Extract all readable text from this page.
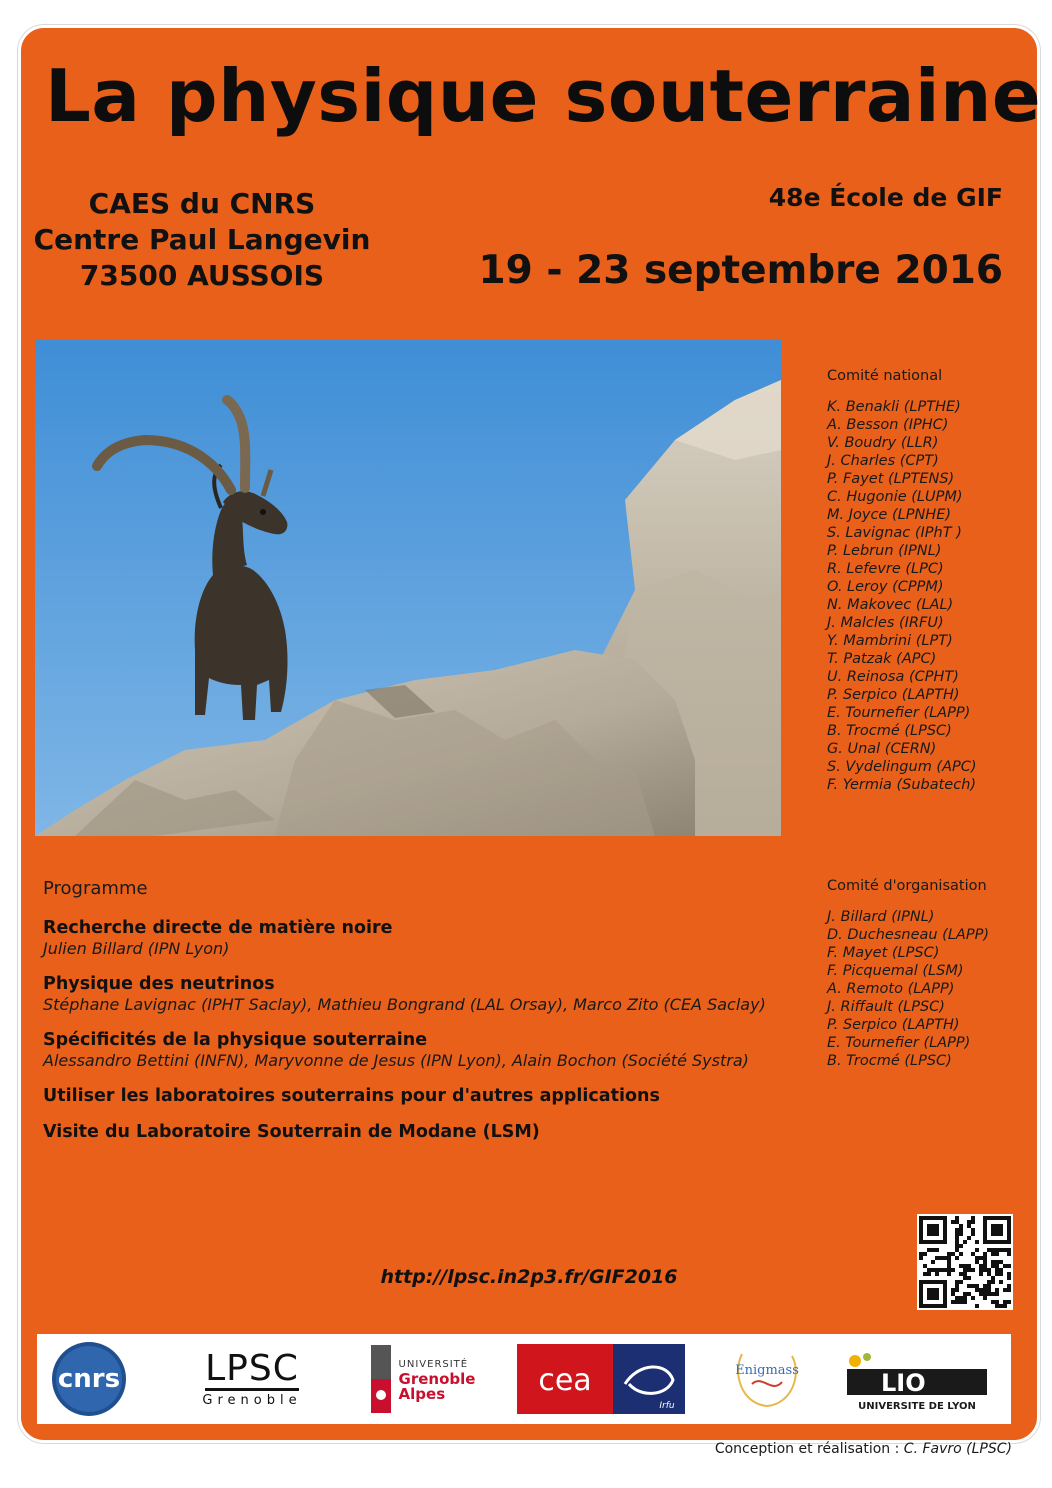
La physique souterraine
CAES du CNRS
Centre Paul Langevin
73500 AUSSOIS
48e École de GIF
19 - 23 septembre 2016
Comité national
K. Benakli (LPTHE)
A. Besson (IPHC)
V. Boudry (LLR)
J. Charles (CPT)
P. Fayet (LPTENS)
C. Hugonie (LUPM)
M. Joyce (LPNHE)
S. Lavignac (IPhT )
P. Lebrun (IPNL)
R. Lefevre (LPC)
O. Leroy (CPPM)
N. Makovec (LAL)
J. Malcles (IRFU)
Y. Mambrini (LPT)
T. Patzak (APC)
U. Reinosa (CPHT)
P. Serpico (LAPTH)
E. Tournefier (LAPP)
B. Trocmé (LPSC)
G. Unal (CERN)
S. Vydelingum (APC)
F. Yermia (Subatech)
Programme
Recherche directe de matière noire
Julien Billard (IPN Lyon)
Physique des neutrinos
Stéphane Lavignac (IPHT Saclay), Mathieu Bongrand (LAL Orsay), Marco Zito (CEA Saclay)
Spécificités de la physique souterraine
Alessandro Bettini (INFN), Maryvonne de Jesus (IPN Lyon), Alain Bochon (Société Systra)
Utiliser les laboratoires souterrains pour d'autres applications
Visite du Laboratoire Souterrain de Modane (LSM)
Comité d'organisation
J. Billard (IPNL)
D. Duchesneau (LAPP)
F. Mayet (LPSC)
F. Picquemal (LSM)
A. Remoto (LAPP)
J. Riffault (LPSC)
P. Serpico (LAPTH)
E. Tournefier (LAPP)
B. Trocmé (LPSC)
http://lpsc.in2p3.fr/GIF2016
cnrs LPSC
Grenoble
UNIVERSITÉ
Grenoble
Alpes	cea
Irfu
Enigmass	LIO
UNIVERSITE DE LYON
Conception et réalisation : C. Favro (LPSC)
